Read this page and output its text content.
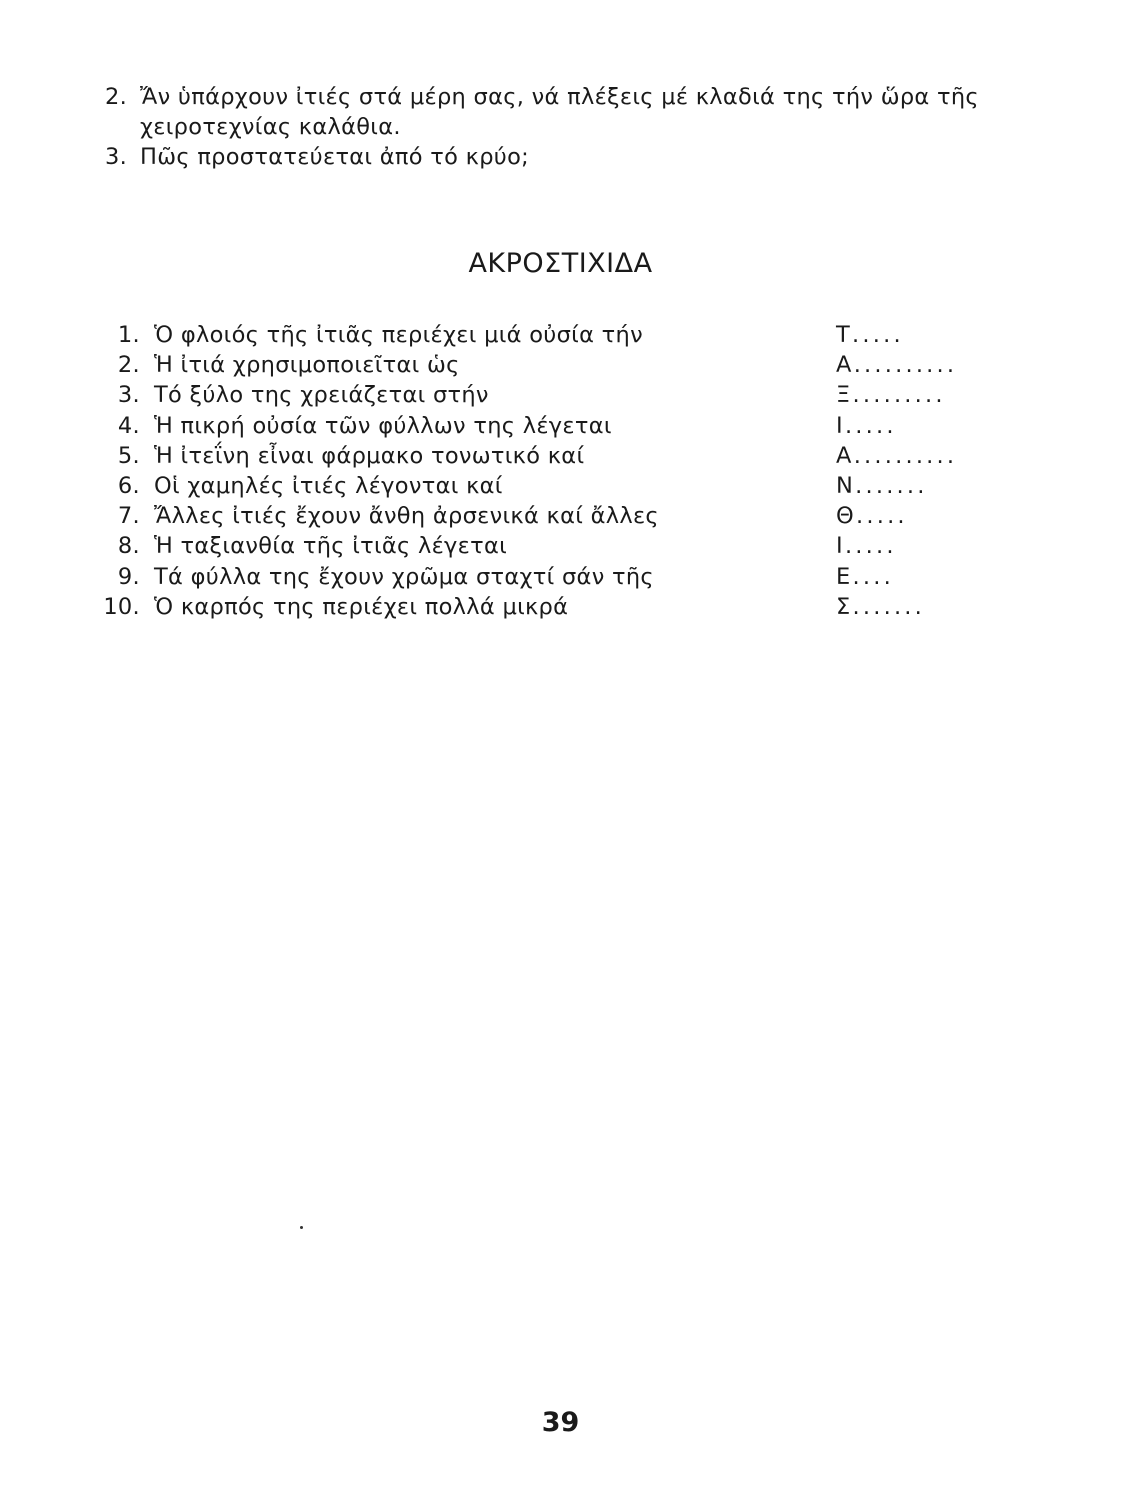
2. Ἄν ὑπάρχουν ἰτιές στά μέρη σας, νά πλέξεις μέ κλαδιά της τήν ὥρα τῆς χειροτεχνίας καλάθια.
3. Πῶς προστατεύεται ἀπό τό κρύο;
ΑΚΡΟΣΤΙΧΙΔΑ
1. Ὁ φλοιός τῆς ἰτιᾶς περιέχει μιά οὐσία τήν	Τ.....
2. Ἡ ἰτιά χρησιμοποιεῖται ὡς	Α..........
3. Τό ξύλο της χρειάζεται στήν	Ξ.........
4. Ἡ πικρή οὐσία τῶν φύλλων της λέγεται	Ι.....
5. Ἡ ἰτεΐνη εἶναι φάρμακο τονωτικό καί	Α..........
6. Οἱ χαμηλές ἰτιές λέγονται καί	Ν.......
7. Ἄλλες ἰτιές ἔχουν ἄνθη ἀρσενικά καί ἄλλες	Θ.....
8. Ἡ ταξιανθία τῆς ἰτιᾶς λέγεται	Ι.....
9. Τά φύλλα της ἔχουν χρῶμα σταχτί σάν τῆς	Ε....
10. Ὁ καρπός της περιέχει πολλά μικρά	Σ.......
39
